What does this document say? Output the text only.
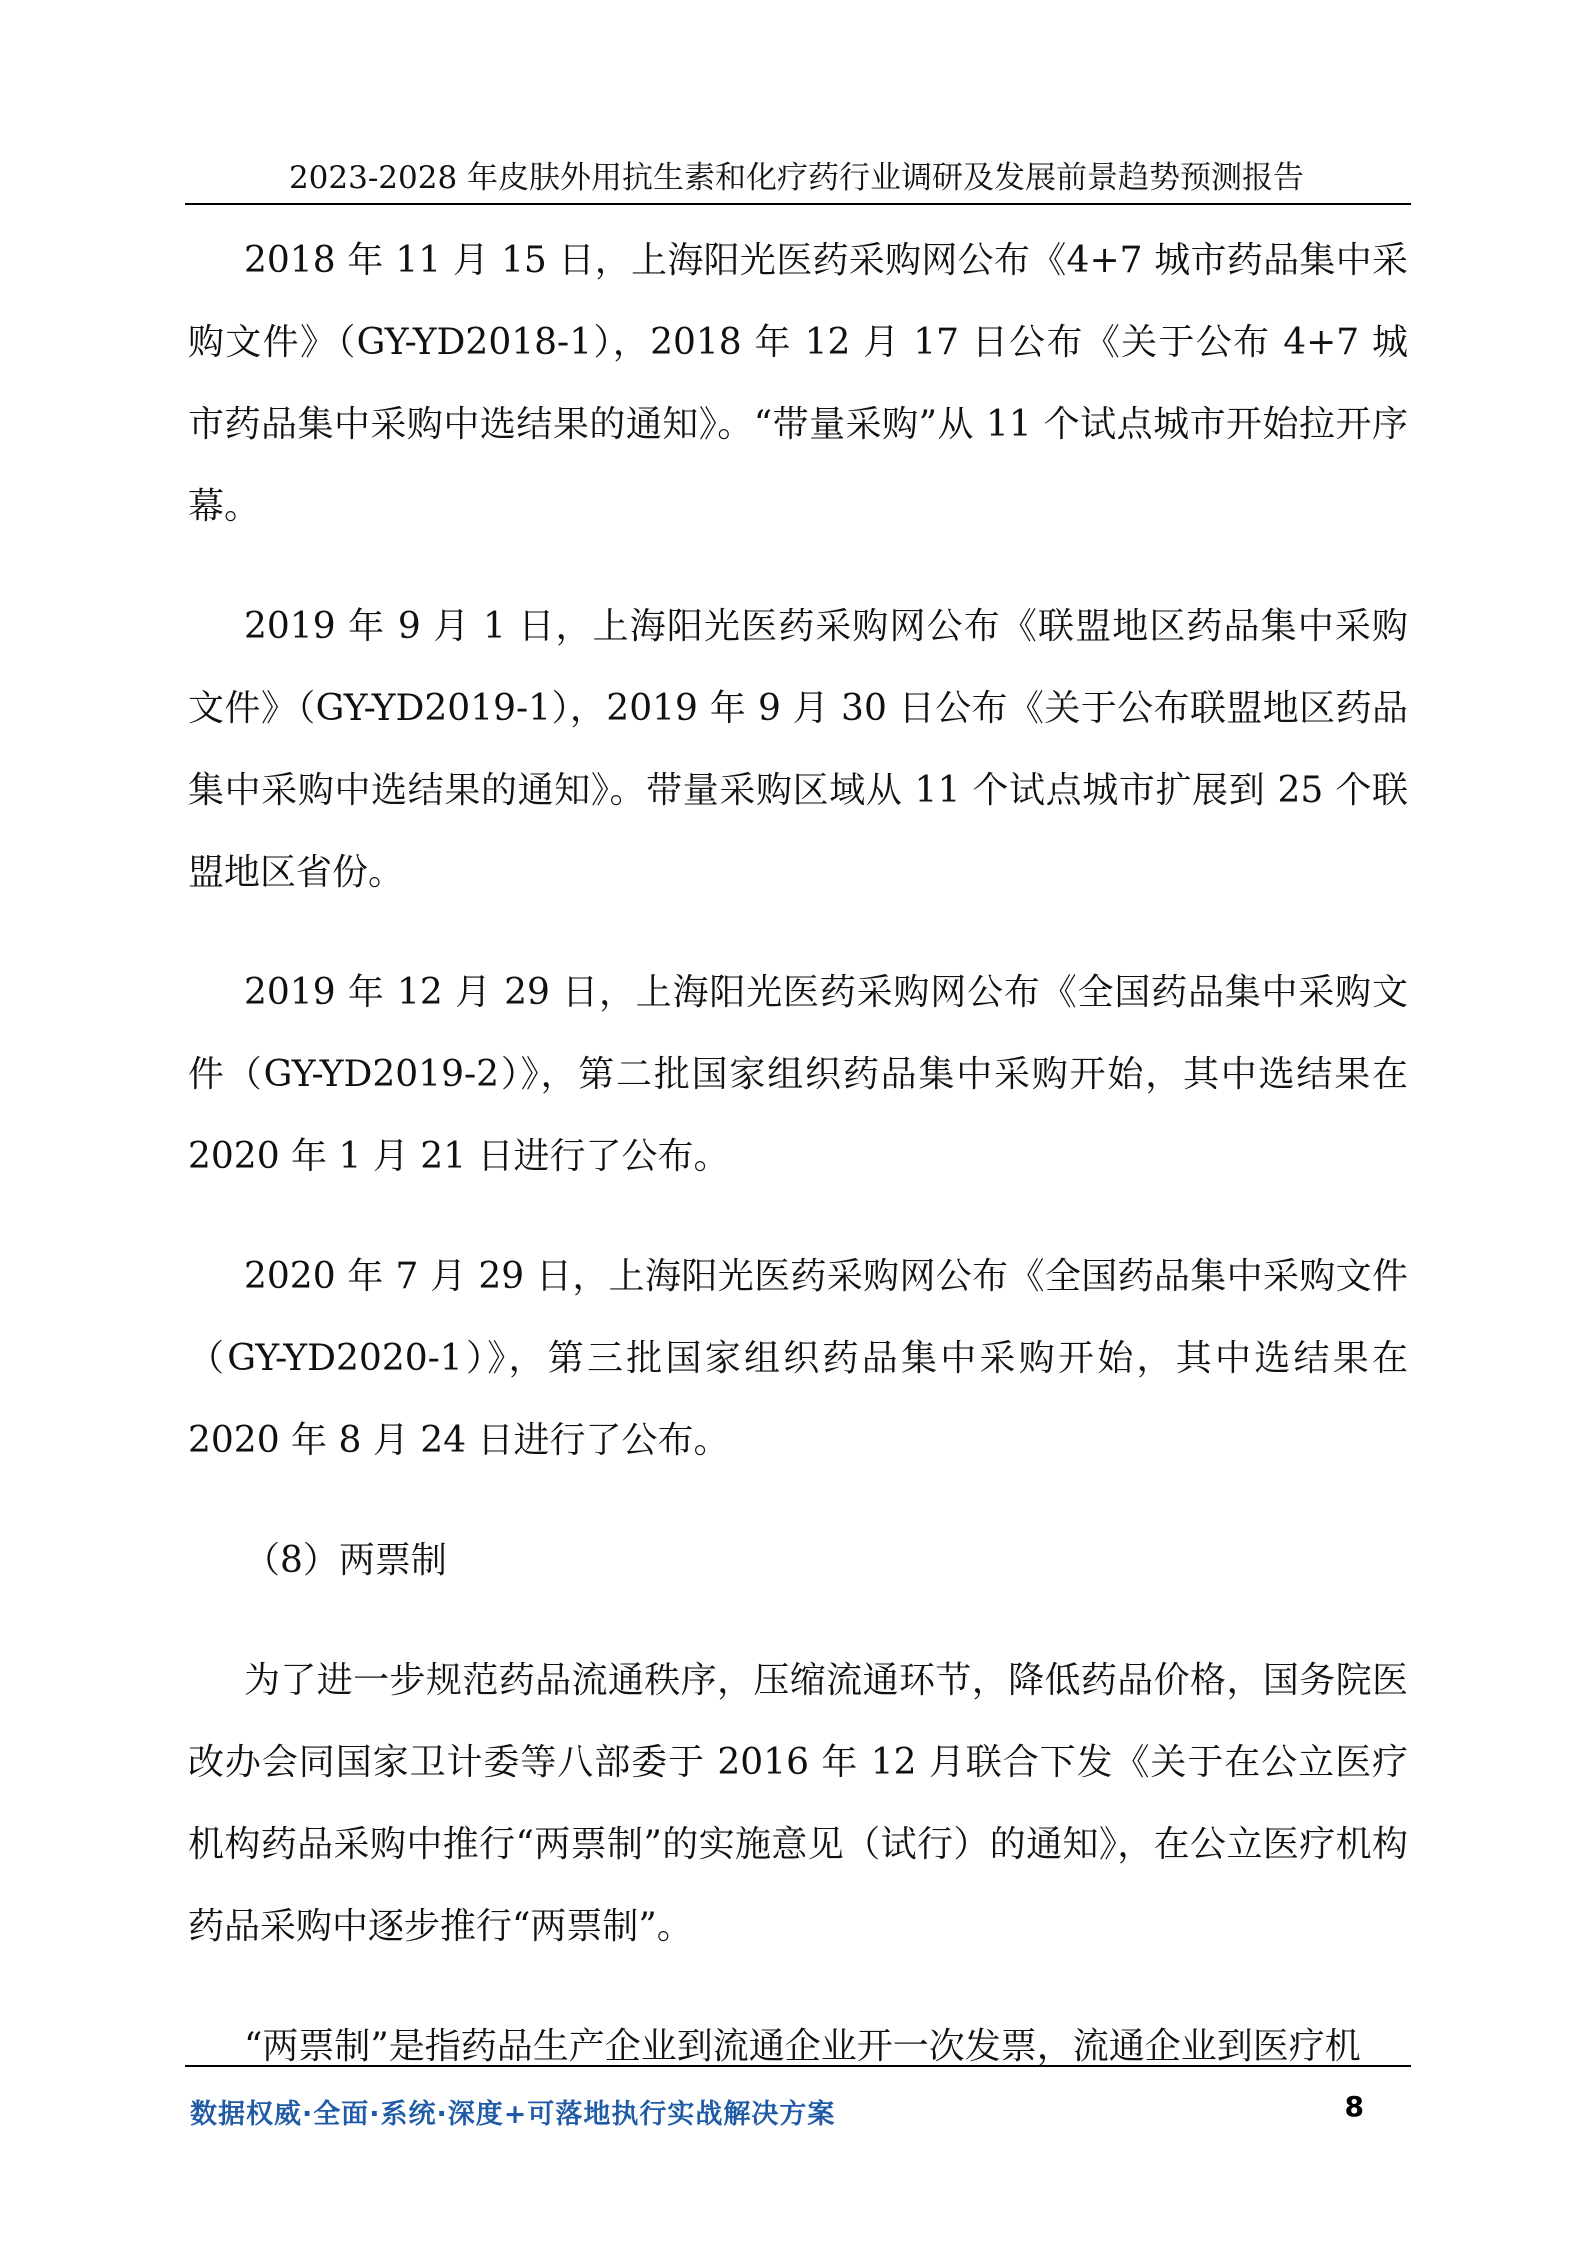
2023-2028 年皮肤外用抗生素和化疗药行业调研及发展前景趋势预测报告

2018 年 11 月 15 日，上海阳光医药采购网公布《4+7 城市药品集中采购文件》（GY-YD2018-1），2018 年 12 月 17 日公布《关于公布 4+7 城市药品集中采购中选结果的通知》。“带量采购”从 11 个试点城市开始拉开序幕。

2019 年 9 月 1 日，上海阳光医药采购网公布《联盟地区药品集中采购文件》（GY-YD2019-1），2019 年 9 月 30 日公布《关于公布联盟地区药品集中采购中选结果的通知》。带量采购区域从 11 个试点城市扩展到 25 个联盟地区省份。

2019 年 12 月 29 日，上海阳光医药采购网公布《全国药品集中采购文件（GY-YD2019-2）》，第二批国家组织药品集中采购开始，其中选结果在 2020 年 1 月 21 日进行了公布。

2020 年 7 月 29 日，上海阳光医药采购网公布《全国药品集中采购文件（GY-YD2020-1）》，第三批国家组织药品集中采购开始，其中选结果在 2020 年 8 月 24 日进行了公布。

（8）两票制

为了进一步规范药品流通秩序，压缩流通环节，降低药品价格，国务院医改办会同国家卫计委等八部委于 2016 年 12 月联合下发《关于在公立医疗机构药品采购中推行“两票制”的实施意见（试行）的通知》，在公立医疗机构药品采购中逐步推行“两票制”。

“两票制”是指药品生产企业到流通企业开一次发票，流通企业到医疗机

数据权威·全面·系统·深度+可落地执行实战解决方案	8
